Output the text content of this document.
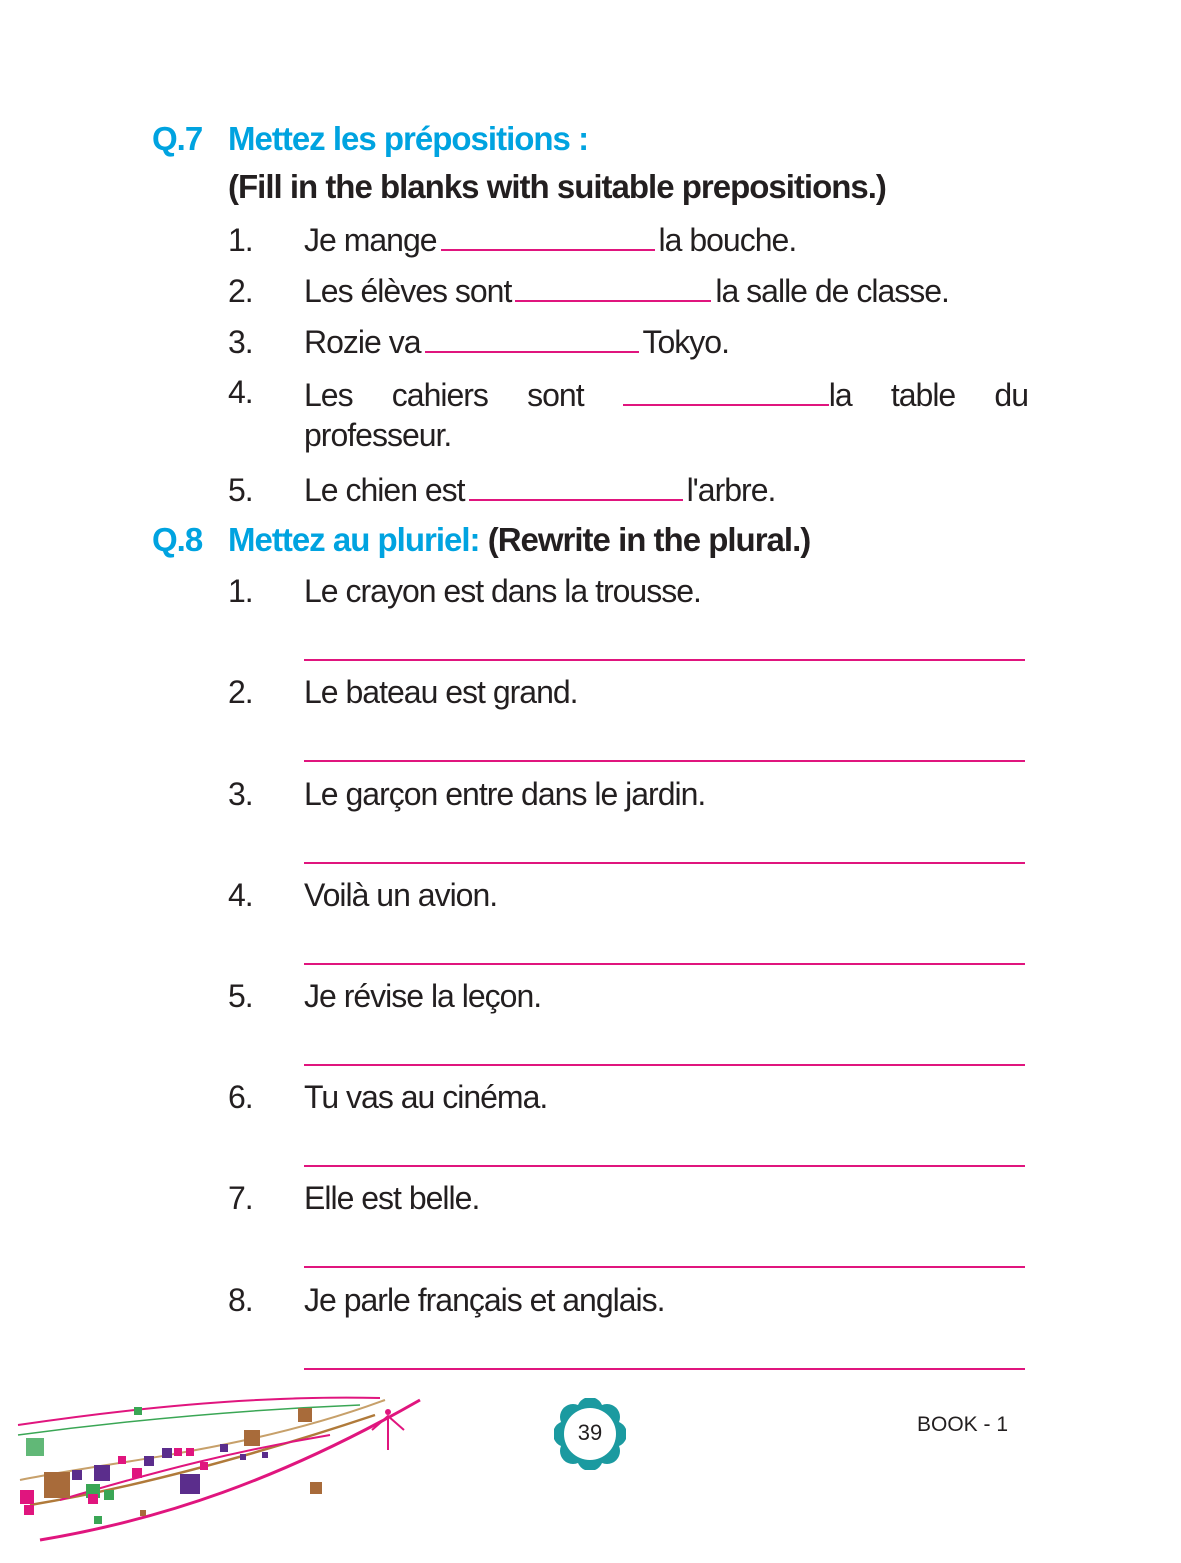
Q.7 Mettez les prépositions :
(Fill in the blanks with suitable prepositions.)
1.	Je mange	la bouche.
2.	Les élèves sont	la salle de classe.
3.	Rozie va	Tokyo.
4.	Les cahiers sont	la table du
professeur.
5.	Le chien est	l'arbre.
Q.8 Mettez au pluriel: (Rewrite in the plural.)
1.	Le crayon est dans la trousse.
2.	Le bateau est grand.
3.	Le garçon entre dans le jardin.
4.	Voilà un avion.
5.	Je révise la leçon.
6.	Tu vas au cinéma.
7.	Elle est belle.
8.	Je parle français et anglais.
39	BOOK - 1
